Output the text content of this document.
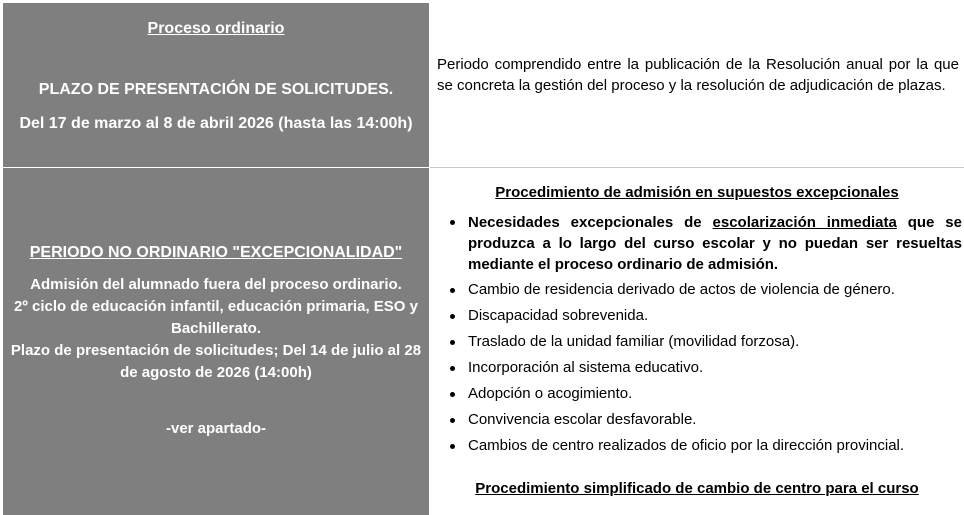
Proceso ordinario
PLAZO DE PRESENTACIÓN DE SOLICITUDES.
Del 17 de marzo al 8 de abril 2026 (hasta las 14:00h)
Periodo comprendido entre la publicación de la Resolución anual por la que se concreta la gestión del proceso y la resolución de adjudicación de plazas.
PERIODO NO ORDINARIO "EXCEPCIONALIDAD"
Admisión del alumnado fuera del proceso ordinario.
2º ciclo de educación infantil, educación primaria, ESO y Bachillerato.
Plazo de presentación de solicitudes; Del 14 de julio al 28 de agosto de 2026 (14:00h)
-ver apartado-
Procedimiento de admisión en supuestos excepcionales
Necesidades excepcionales de escolarización inmediata que se produzca a lo largo del curso escolar y no puedan ser resueltas mediante el proceso ordinario de admisión.
Cambio de residencia derivado de actos de violencia de género.
Discapacidad sobrevenida.
Traslado de la unidad familiar (movilidad forzosa).
Incorporación al sistema educativo.
Adopción o acogimiento.
Convivencia escolar desfavorable.
Cambios de centro realizados de oficio por la dirección provincial.
Procedimiento simplificado de cambio de centro para el curso
